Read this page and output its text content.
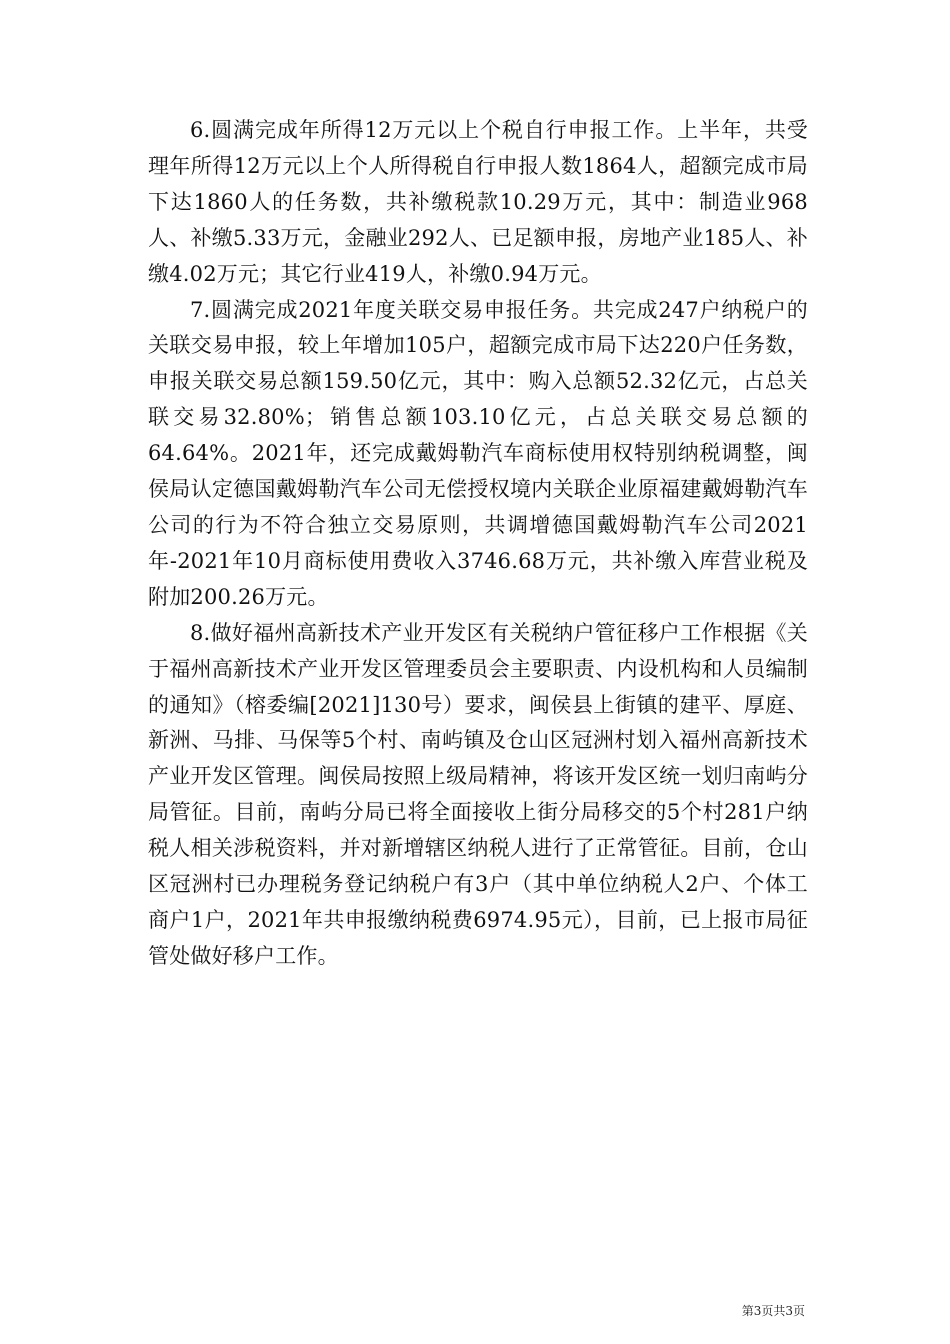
6.圆满完成年所得12万元以上个税自行申报工作。上半年，共受理年所得12万元以上个人所得税自行申报人数1864人，超额完成市局下达1860人的任务数，共补缴税款10.29万元，其中：制造业968人、补缴5.33万元，金融业292人、已足额申报，房地产业185人、补缴4.02万元；其它行业419人，补缴0.94万元。

7.圆满完成2021年度关联交易申报任务。共完成247户纳税户的关联交易申报，较上年增加105户，超额完成市局下达220户任务数，申报关联交易总额159.50亿元，其中：购入总额52.32亿元，占总关联交易32.80%；销售总额103.10亿元，占总关联交易总额的64.64%。2021年，还完成戴姆勒汽车商标使用权特别纳税调整，闽侯局认定德国戴姆勒汽车公司无偿授权境内关联企业原福建戴姆勒汽车公司的行为不符合独立交易原则，共调增德国戴姆勒汽车公司2021年-2021年10月商标使用费收入3746.68万元，共补缴入库营业税及附加200.26万元。

8.做好福州高新技术产业开发区有关税纳户管征移户工作根据《关于福州高新技术产业开发区管理委员会主要职责、内设机构和人员编制的通知》（榕委编[2021]130号）要求，闽侯县上街镇的建平、厚庭、新洲、马排、马保等5个村、南屿镇及仓山区冠洲村划入福州高新技术产业开发区管理。闽侯局按照上级局精神，将该开发区统一划归南屿分局管征。目前，南屿分局已将全面接收上街分局移交的5个村281户纳税人相关涉税资料，并对新增辖区纳税人进行了正常管征。目前，仓山区冠洲村已办理税务登记纳税户有3户（其中单位纳税人2户、个体工商户1户，2021年共申报缴纳税费6974.95元），目前，已上报市局征管处做好移户工作。

第3页共3页
